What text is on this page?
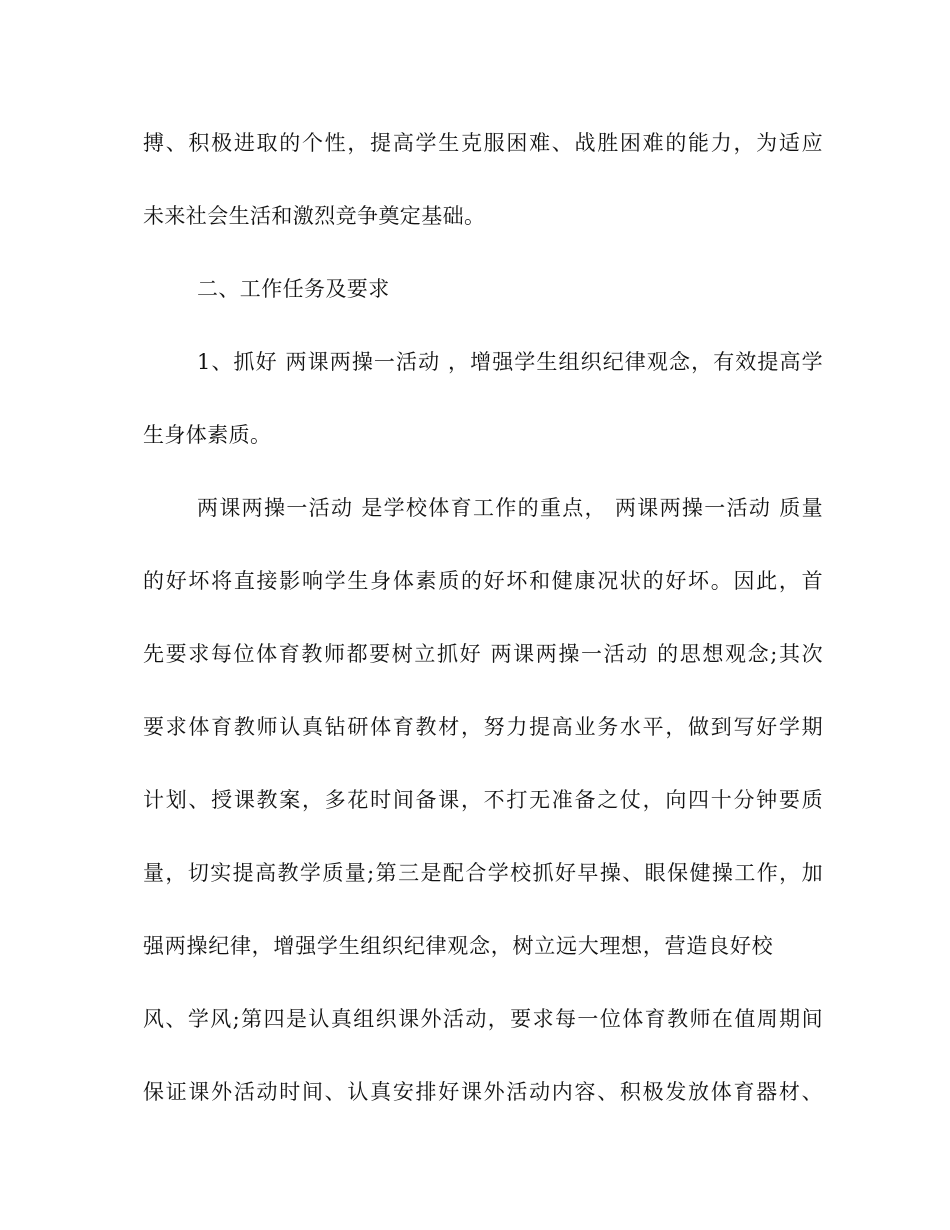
搏、积极进取的个性，提高学生克服困难、战胜困难的能力，为适应
未来社会生活和激烈竞争奠定基础。
二、工作任务及要求
1、抓好 两课两操一活动 ，增强学生组织纪律观念，有效提高学
生身体素质。
两课两操一活动 是学校体育工作的重点， 两课两操一活动 质量
的好坏将直接影响学生身体素质的好坏和健康况状的好坏。因此，首
先要求每位体育教师都要树立抓好 两课两操一活动 的思想观念;其次
要求体育教师认真钻研体育教材，努力提高业务水平，做到写好学期
计划、授课教案，多花时间备课，不打无准备之仗，向四十分钟要质
量，切实提高教学质量;第三是配合学校抓好早操、眼保健操工作，加
强两操纪律，增强学生组织纪律观念，树立远大理想，营造良好校
风、学风;第四是认真组织课外活动，要求每一位体育教师在值周期间
保证课外活动时间、认真安排好课外活动内容、积极发放体育器材、
